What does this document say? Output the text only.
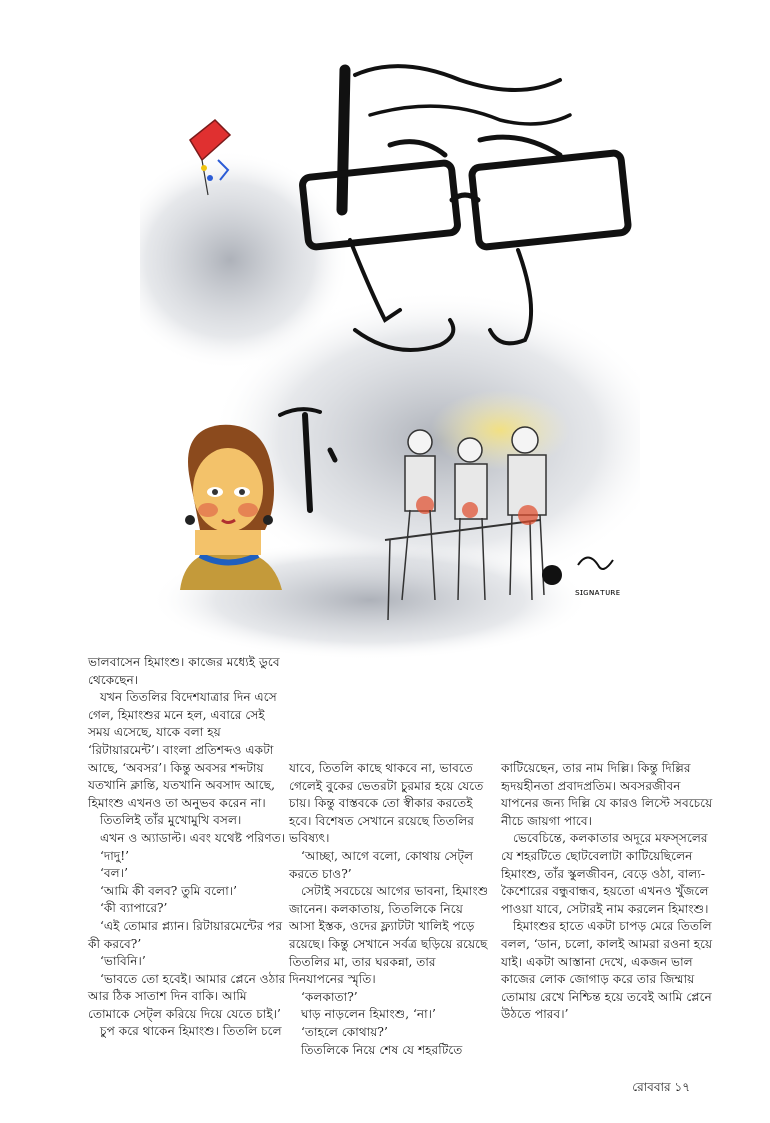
ꜱɪɢɴᴀᴛᴜʀᴇ

ভালবাসেন হিমাংশু। কাজের মধ্যেই ডুবে থেকেছেন।

যখন তিতলির বিদেশযাত্রার দিন এসে গেল, হিমাংশুর মনে হল, এবারে সেই সময় এসেছে, যাকে বলা হয় ‘রিটায়ারমেন্ট’। বাংলা প্রতিশব্দও একটা আছে, ‘অবসর’। কিন্তু অবসর শব্দটায় যতখানি ক্লান্তি, যতখানি অবসাদ আছে, হিমাংশু এখনও তা অনুভব করেন না।

তিতলিই তাঁর মুখোমুখি বসল।

এখন ও অ্যাডাল্ট। এবং যথেষ্ট পরিণত।

‘দাদু!’

‘বল।’

‘আমি কী বলব? তুমি বলো।’

‘কী ব্যাপারে?’

‘এই তোমার প্ল্যান। রিটায়ারমেন্টের পর কী করবে?’

‘ভাবিনি।’

‘ভাবতে তো হবেই। আমার প্লেনে ওঠার আর ঠিক সাতাশ দিন বাকি। আমি তোমাকে সেট্‌ল করিয়ে দিয়ে যেতে চাই।’

চুপ করে থাকেন হিমাংশু। তিতলি চলে

যাবে, তিতলি কাছে থাকবে না, ভাবতে গেলেই বুকের ভেতরটা চুরমার হয়ে যেতে চায়। কিন্তু বাস্তবকে তো স্বীকার করতেই হবে। বিশেষত সেখানে রয়েছে তিতলির ভবিষ্যৎ।

‘আচ্ছা, আগে বলো, কোথায় সেট্‌ল করতে চাও?’

সেটাই সবচেয়ে আগের ভাবনা, হিমাংশু জানেন। কলকাতায়, তিতলিকে নিয়ে আসা ইস্তক, ওদের ফ্ল্যাটটা খালিই পড়ে রয়েছে। কিন্তু সেখানে সর্বত্র ছড়িয়ে রয়েছে তিতলির মা, তার ঘরকন্না, তার দিনযাপনের স্মৃতি।

‘কলকাতা?’

ঘাড় নাড়লেন হিমাংশু, ‘না।’

‘তাহলে কোথায়?’

তিতলিকে নিয়ে শেষ যে শহরটিতে

কাটিয়েছেন, তার নাম দিল্লি। কিন্তু দিল্লির হৃদয়হীনতা প্রবাদপ্রতিম। অবসরজীবন যাপনের জন্য দিল্লি যে কারও লিস্টে সবচেয়ে নীচে জায়গা পাবে।

ভেবেচিন্তে, কলকাতার অদূরে মফস্সলের যে শহরটিতে ছোটবেলাটা কাটিয়েছিলেন হিমাংশু, তাঁর স্কুলজীবন, বেড়ে ওঠা, বাল্য-কৈশোরের বন্ধুবান্ধব, হয়তো এখনও খুঁজলে পাওয়া যাবে, সেটারই নাম করলেন হিমাংশু।

হিমাংশুর হাতে একটা চাপড় মেরে তিতলি বলল, ‘ডান, চলো, কালই আমরা রওনা হয়ে যাই। একটা আস্তানা দেখে, একজন ভাল কাজের লোক জোগাড় করে তার জিম্মায় তোমায় রেখে নিশ্চিন্ত হয়ে তবেই আমি প্লেনে উঠতে পারব।’

রোববার ১৭
